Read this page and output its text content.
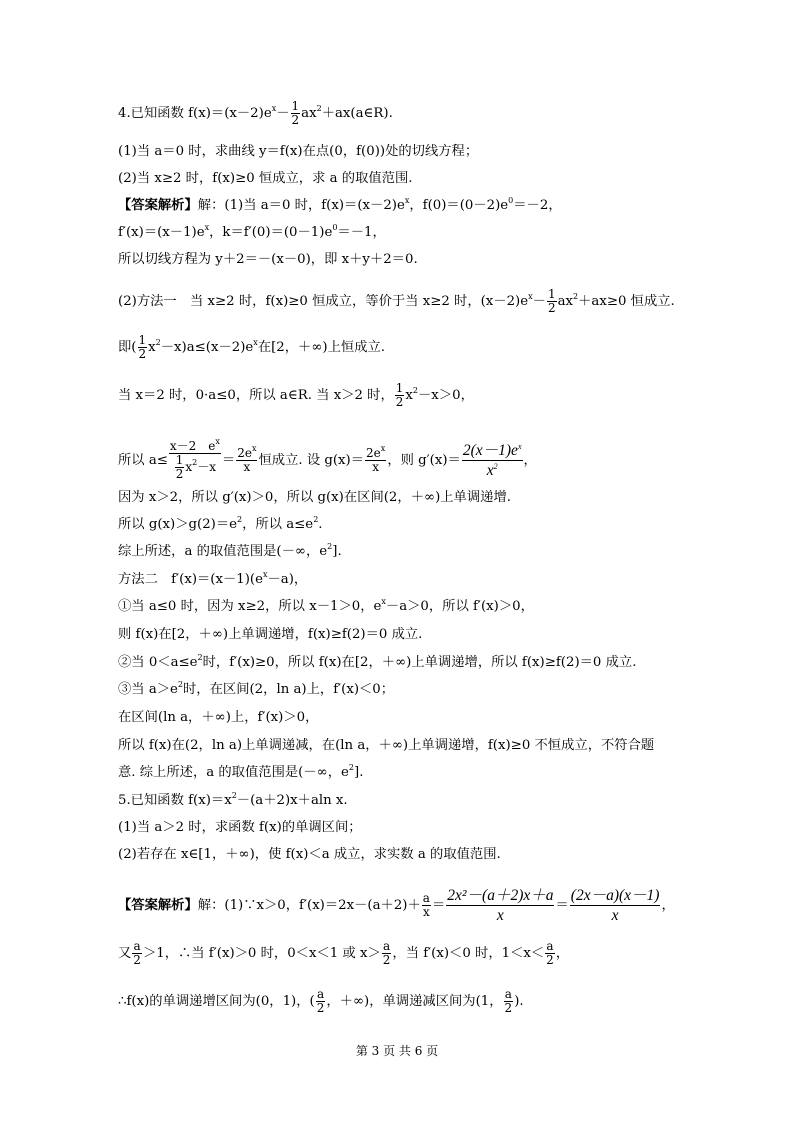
4.已知函数 $f(x)=(x-2)e^x- \frac{1}{2}$ $ax^2+ax(a\in R)$.
(1)当 a＝0 时，求曲线 y＝f(x)在点(0，f(0))处的切线方程；
(2)当 x≥2 时，f(x)≥0 恒成立，求 a 的取值范围.
【答案解析】解：(1)当 a＝0 时，$f(x)=(x-2)e^x$，$f(0)=(0-2)e^0=-2$，
$f'(x)=(x-1)e^x$，$k=f'(0)=(0-1)e^0=-1$，
所以切线方程为 y＋2＝－(x－0)，即 x＋y＋2＝0.
(2)方法一　当 x≥2 时，f(x)≥0 恒成立，等价于当 x≥2 时，$(x-2)e^x- \frac{1}{2} ax^2+ax\ge 0$ 恒成立.
即( $\frac{1}{2} x^2-x)a\le(x-2)e^x$在[2，＋∞)上恒成立.
当 x＝2 时，0·a≤0，所以 a∈R. 当 x＞2 时， $\frac{1}{2} x^2-x>0$，
所以 $a\le \frac{x-2 e^x}{\frac{1}{2} x^2-x} = \frac{2e^x}{x}$ 恒成立. 设 $g(x)= \frac{2e^x}{x}$ ，则 $g'(x)= \frac{2(x-1)e^x}{x^2}$ ，
因为 x＞2，所以 g′(x)＞0，所以 g(x)在区间(2，＋∞)上单调递增.
所以 $g(x)>g(2)=e^2$，所以 $a\le e^2$.
综上所述，a 的取值范围是(－∞，$e^2$].
方法二　$f'(x)=(x-1)(e^x-a)$，
①当 a≤0 时，因为 x≥2，所以 x－1＞0，$e^x-a>0$，所以 f′(x)＞0，
则 f(x)在[2，＋∞)上单调递增，f(x)≥f(2)＝0 成立.
②当 $0<a\le e^2$时，f′(x)≥0，所以 f(x)在[2，＋∞)上单调递增，所以 f(x)≥f(2)＝0 成立.
③当 $a>e^2$时，在区间(2，ln a)上，f′(x)＜0；
在区间(ln a，＋∞)上，f′(x)＞0，
所以 f(x)在(2，ln a)上单调递减，在(ln a，＋∞)上单调递增，f(x)≥0 不恒成立，不符合题
意. 综上所述，a 的取值范围是(－∞，$e^2$].
5.已知函数 $f(x)=x^2-(a+2)x+aln$ x.
(1)当 a＞2 时，求函数 f(x)的单调区间；
(2)若存在 x∈[1，＋∞)，使 f(x)＜a 成立，求实数 a 的取值范围.
【答案解析】解：(1)∵x＞0，$f'(x)=2x-(a+2)+ \frac{a}{x} = \frac{\text{2x²－(a＋2)x＋a}}{x} = \frac{(2x-a)(x-1)}{x}$ ，
又 $\frac{a}{2} >1$，∴当 f′(x)＞0 时，0＜x＜1 或 $x> \frac{a}{2}$ ，当 f′(x)＜0 时，$1<x< \frac{a}{2}$ ，
∴f(x)的单调递增区间为(0，1)，( $\frac{a}{2}$ ，＋∞)，单调递减区间为(1， $\frac{a}{2}$ ).
第 3 页 共 6 页
